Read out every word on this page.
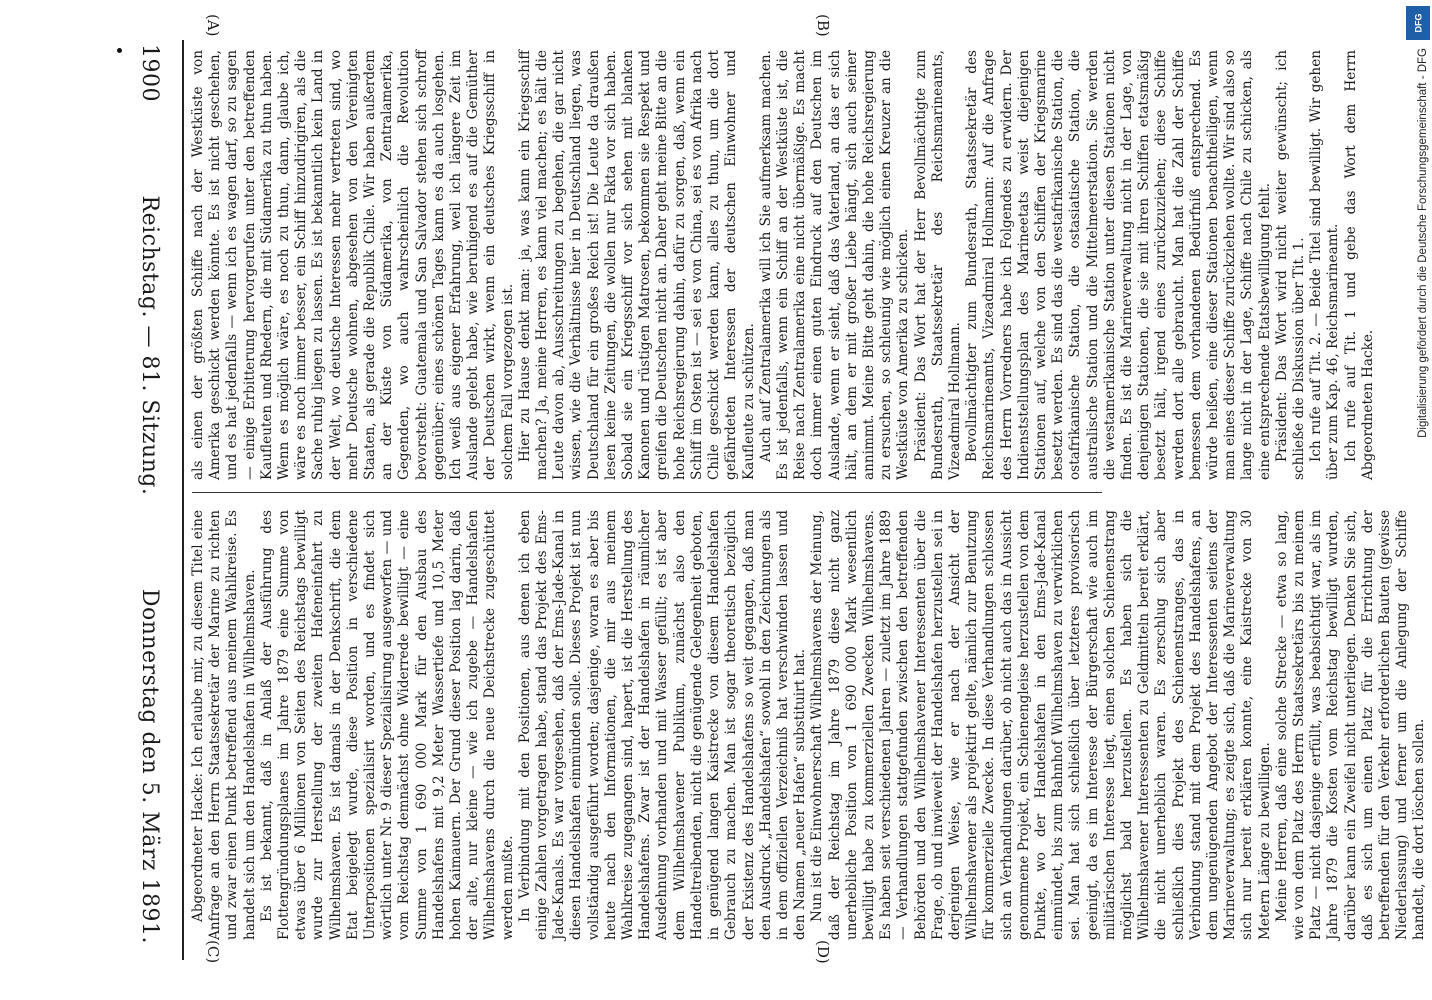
1900
Reichstag. — 81. Sitzung.
Donnerstag den 5. März 1891.
(A)	(B)
(C)	(D)

als einen der größten Schiffe nach der Westküste von Amerika geschickt werden könnte. Es ist nicht geschehen, und es hat jedenfalls — wenn ich es wagen darf, so zu sagen — einige Erbitterung hervorgerufen unter den betreffenden Kaufleuten und Rhedern, die mit Südamerika zu thun haben. Wenn es möglich wäre, es noch zu thun, dann, glaube ich, wäre es noch immer besser, ein Schiff hinzudirigiren, als die Sache ruhig liegen zu lassen. Es ist bekanntlich kein Land in der Welt, wo deutsche Interessen mehr vertreten sind, wo mehr Deutsche wohnen, abgesehen von den Vereinigten Staaten, als gerade die Republik Chile. Wir haben außerdem an der Küste von Südamerika, von Zentralamerika, Gegenden, wo auch wahrscheinlich die Revolution bevorsteht: Guatemala und San Salvador stehen sich schroff gegenüber; eines schönen Tages kann es da auch losgehen. Ich weiß aus eigener Erfahrung, weil ich längere Zeit im Auslande gelebt habe, wie beruhigend es auf die Gemüther der Deutschen wirkt, wenn ein deutsches Kriegsschiff in solchem Fall vorgezogen ist. Hier zu Hause denkt man: ja, was kann ein Kriegsschiff machen? Ja, meine Herren, es kann viel machen; es hält die Leute davon ab, Ausschreitungen zu begehen, die gar nicht wissen, wie die Verhältnisse hier in Deutschland liegen, was Deutschland für ein großes Reich ist! Die Leute da draußen lesen keine Zeitungen, die wollen nur Fakta vor sich haben. Sobald sie ein Kriegsschiff vor sich sehen mit blanken Kanonen und rüstigen Matrosen, bekommen sie Respekt und greifen die Deutschen nicht an. Daher geht meine Bitte an die hohe Reichsregierung dahin, dafür zu sorgen, daß, wenn ein Schiff im Osten ist — sei es von China, sei es von Afrika nach Chile geschickt werden kann, alles zu thun, um die dort gefährdeten Interessen der deutschen Einwohner und Kaufleute zu schützen. Auch auf Zentralamerika will ich Sie aufmerksam machen. Es ist jedenfalls, wenn ein Schiff an der Westküste ist, die Reise nach Zentralamerika eine nicht übermäßige. Es macht doch immer einen guten Eindruck auf den Deutschen im Auslande, wenn er sieht, daß das Vaterland, an das er sich hält, an dem er mit großer Liebe hängt, sich auch seiner annimmt. Meine Bitte geht dahin, die hohe Reichsregierung zu ersuchen, so schleunig wie möglich einen Kreuzer an die Westküste von Amerika zu schicken. Präsident: Das Wort hat der Herr Bevollmächtigte zum Bundesrath, Staatssekretär des Reichsmarineamts, Vizeadmiral Hollmann. Bevollmächtigter zum Bundesrath, Staatssekretär des Reichsmarineamts, Vizeadmiral Hollmann: Auf die Anfrage des Herrn Vorredners habe ich Folgendes zu erwidern. Der Indienststellungsplan des Marineetats weist diejenigen Stationen auf, welche von den Schiffen der Kriegsmarine besetzt werden. Es sind das die westafrikanische Station, die ostafrikanische Station, die ostasiatische Station, die australische Station und die Mittelmeerstation. Sie werden die westamerikanische Station unter diesen Stationen nicht finden. Es ist die Marineverwaltung nicht in der Lage, von denjenigen Stationen, die sie mit ihren Schiffen etatsmäßig besetzt hält, irgend eines zurückzuziehen; diese Schiffe werden dort alle gebraucht. Man hat die Zahl der Schiffe bemessen dem vorhandenen Bedürfniß entsprechend. Es würde heißen, eine dieser Stationen benachtheiligen, wenn man eines dieser Schiffe zurückziehen wollte. Wir sind also so lange nicht in der Lage, Schiffe nach Chile zu schicken, als eine entsprechende Etatsbewilligung fehlt. Präsident: Das Wort wird nicht weiter gewünscht; ich schließe die Diskussion über Tit. 1. Ich rufe auf Tit. 2. — Beide Titel sind bewilligt. Wir gehen über zum Kap. 46, Reichsmarineamt. Ich rufe auf Tit. 1 und gebe das Wort dem Herrn Abgeordneten Hacke.

Abgeordneter Hacke: Ich erlaube mir, zu diesem Titel eine Anfrage an den Herrn Staatssekretär der Marine zu richten und zwar einen Punkt betreffend aus meinem Wahlkreise. Es handelt sich um den Handelshafen in Wilhelmshaven. Es ist bekannt, daß in Anlaß der Ausführung des Flottengründungsplanes im Jahre 1879 eine Summe von etwas über 6 Millionen von Seiten des Reichstags bewilligt wurde zur Herstellung der zweiten Hafeneinfahrt zu Wilhelmshaven. Es ist damals in der Denkschrift, die dem Etat beigelegt wurde, diese Position in verschiedene Unterpositionen spezialisirt worden, und es findet sich wörtlich unter Nr. 9 dieser Spezialisirung ausgeworfen — und vom Reichstag demnächst ohne Widerrede bewilligt — eine Summe von 1 690 000 Mark für den Ausbau des Handelshafens mit 9,2 Meter Wassertiefe und 10,5 Meter hohen Kaimauern. Der Grund dieser Position lag darin, daß der alte, nur kleine — wie ich zugebe — Handelshafen Wilhelmshavens durch die neue Deichstrecke zugeschüttet werden mußte. In Verbindung mit den Positionen, aus denen ich eben einige Zahlen vorgetragen habe, stand das Projekt des Ems-Jade-Kanals. Es war vorgesehen, daß der Ems-Jade-Kanal in diesen Handelshafen einmünden solle. Dieses Projekt ist nun vollständig ausgeführt worden; dasjenige, woran es aber bis heute nach den Informationen, die mir aus meinem Wahlkreise zugegangen sind, hapert, ist die Herstellung des Handelshafens. Zwar ist der Handelshafen in räumlicher Ausdehnung vorhanden und mit Wasser gefüllt; es ist aber dem Wilhelmshavener Publikum, zunächst also den Handeltreibenden, nicht die genügende Gelegenheit geboten, in genügend langen Kaistrecke von diesem Handelshafen Gebrauch zu machen. Man ist sogar theoretisch bezüglich der Existenz des Handelshafens so weit gegangen, daß man den Ausdruck „Handelshafen“ sowohl in den Zeichnungen als in dem offiziellen Verzeichniß hat verschwinden lassen und den Namen „neuer Hafen“ substituirt hat. Nun ist die Einwohnerschaft Wilhelmshavens der Meinung, daß der Reichstag im Jahre 1879 diese nicht ganz unerhebliche Position von 1 690 000 Mark wesentlich bewilligt habe zu kommerziellen Zwecken Wilhelmshavens. Es haben seit verschiedenen Jahren — zuletzt im Jahre 1889 — Verhandlungen stattgefunden zwischen den betreffenden Behörden und den Wilhelmshavener Interessenten über die Frage, ob und inwieweit der Handelshafen herzustellen sei in derjenigen Weise, wie er nach der Ansicht der Wilhelmshavener als projektirt gelte, nämlich zur Benutzung für kommerzielle Zwecke. In diese Verhandlungen schlossen sich an Verhandlungen darüber, ob nicht auch das in Aussicht genommene Projekt, ein Schienengleise herzustellen von dem Punkte, wo der Handelshafen in den Ems-Jade-Kanal einmündet, bis zum Bahnhof Wilhelmshaven zu verwirklichen sei. Man hat sich schließlich über letzteres provisorisch geeinigt, da es im Interesse der Bürgerschaft wie auch im militärischen Interesse liegt, einen solchen Schienenstrang möglichst bald herzustellen. Es haben sich die Wilhelmshavener Interessenten zu Geldmitteln bereit erklärt, die nicht unerheblich waren. Es zerschlug sich aber schließlich dies Projekt des Schienenstranges, das in Verbindung stand mit dem Projekt des Handelshafens, an dem ungenügenden Angebot der Interessenten seitens der Marineverwaltung; es zeigte sich, daß die Marineverwaltung sich nur bereit erklären konnte, eine Kaistrecke von 30 Metern Länge zu bewilligen. Meine Herren, daß eine solche Strecke — etwa so lang, wie von dem Platz des Herrn Staatssekretärs bis zu meinem Platz — nicht dasjenige erfüllt, was beabsichtigt war, als im Jahre 1879 die Kosten vom Reichstag bewilligt wurden, darüber kann ein Zweifel nicht unterliegen. Denken Sie sich, daß es sich um einen Platz für die Errichtung der betreffenden für den Verkehr erforderlichen Bauten (gewisse Niederlassung) und ferner um die Anlegung der Schiffe handelt, die dort löschen sollen.

DFG
Digitalisierung gefördert durch die Deutsche Forschungsgemeinschaft - DFG
